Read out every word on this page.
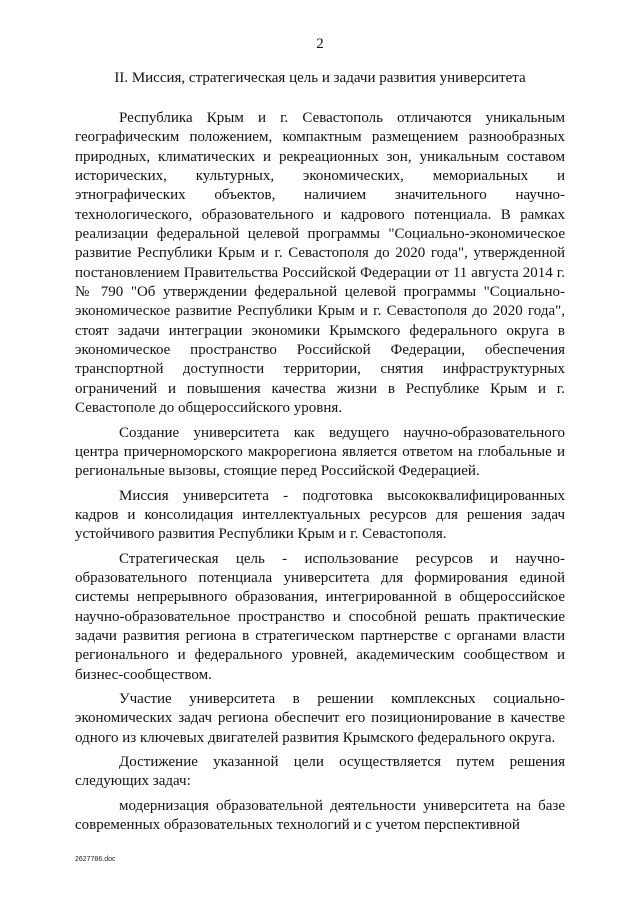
2
II. Миссия, стратегическая цель и задачи развития университета

Республика Крым и г. Севастополь отличаются уникальным географическим положением, компактным размещением разнообразных природных, климатических и рекреационных зон, уникальным составом исторических, культурных, экономических, мемориальных и этнографических объектов, наличием значительного научно-технологического, образовательного и кадрового потенциала. В рамках реализации федеральной целевой программы "Социально-экономическое развитие Республики Крым и г. Севастополя до 2020 года", утвержденной постановлением Правительства Российской Федерации от 11 августа 2014 г. № 790 "Об утверждении федеральной целевой программы "Социально-экономическое развитие Республики Крым и г. Севастополя до 2020 года", стоят задачи интеграции экономики Крымского федерального округа в экономическое пространство Российской Федерации, обеспечения транспортной доступности территории, снятия инфраструктурных ограничений и повышения качества жизни в Республике Крым и г. Севастополе до общероссийского уровня.

Создание университета как ведущего научно-образовательного центра причерноморского макрорегиона является ответом на глобальные и региональные вызовы, стоящие перед Российской Федерацией.

Миссия университета - подготовка высококвалифицированных кадров и консолидация интеллектуальных ресурсов для решения задач устойчивого развития Республики Крым и г. Севастополя.

Стратегическая цель - использование ресурсов и научно-образовательного потенциала университета для формирования единой системы непрерывного образования, интегрированной в общероссийское научно-образовательное пространство и способной решать практические задачи развития региона в стратегическом партнерстве с органами власти регионального и федерального уровней, академическим сообществом и бизнес-сообществом.

Участие университета в решении комплексных социально-экономических задач региона обеспечит его позиционирование в качестве одного из ключевых двигателей развития Крымского федерального округа.

Достижение указанной цели осуществляется путем решения следующих задач:

модернизация образовательной деятельности университета на базе современных образовательных технологий и с учетом перспективной

2627786.doc
